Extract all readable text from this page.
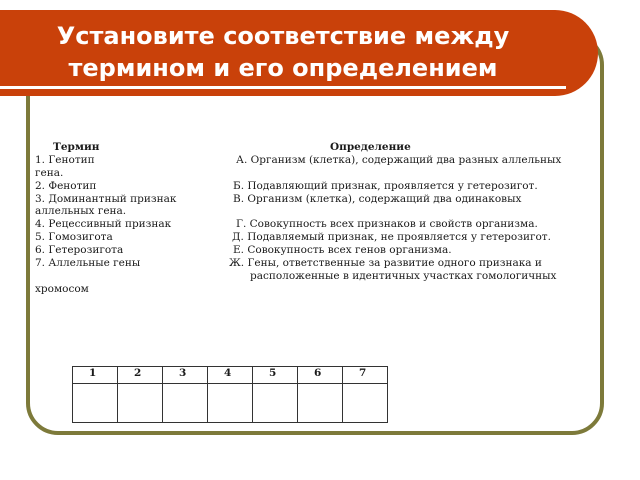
Установите соответствие между
термином и его определением
Термин	Определение
1. Генотип	А. Организм (клетка), содержащий два разных аллельных
гена.
2. Фенотип	Б. Подавляющий признак, проявляется у гетерозигот.
3. Доминантный признак	В. Организм (клетка), содержащий два одинаковых
аллельных гена.
4. Рецессивный признак	Г. Совокупность всех признаков и свойств организма.
5. Гомозигота	Д. Подавляемый признак, не проявляется у гетерозигот.
6. Гетерозигота	Е. Совокупность всех генов организма.
7. Аллельные гены	Ж. Гены, ответственные за развитие одного признака и
расположенные в идентичных участках гомологичных
хромосом
1	2	3	4	5	6	7
